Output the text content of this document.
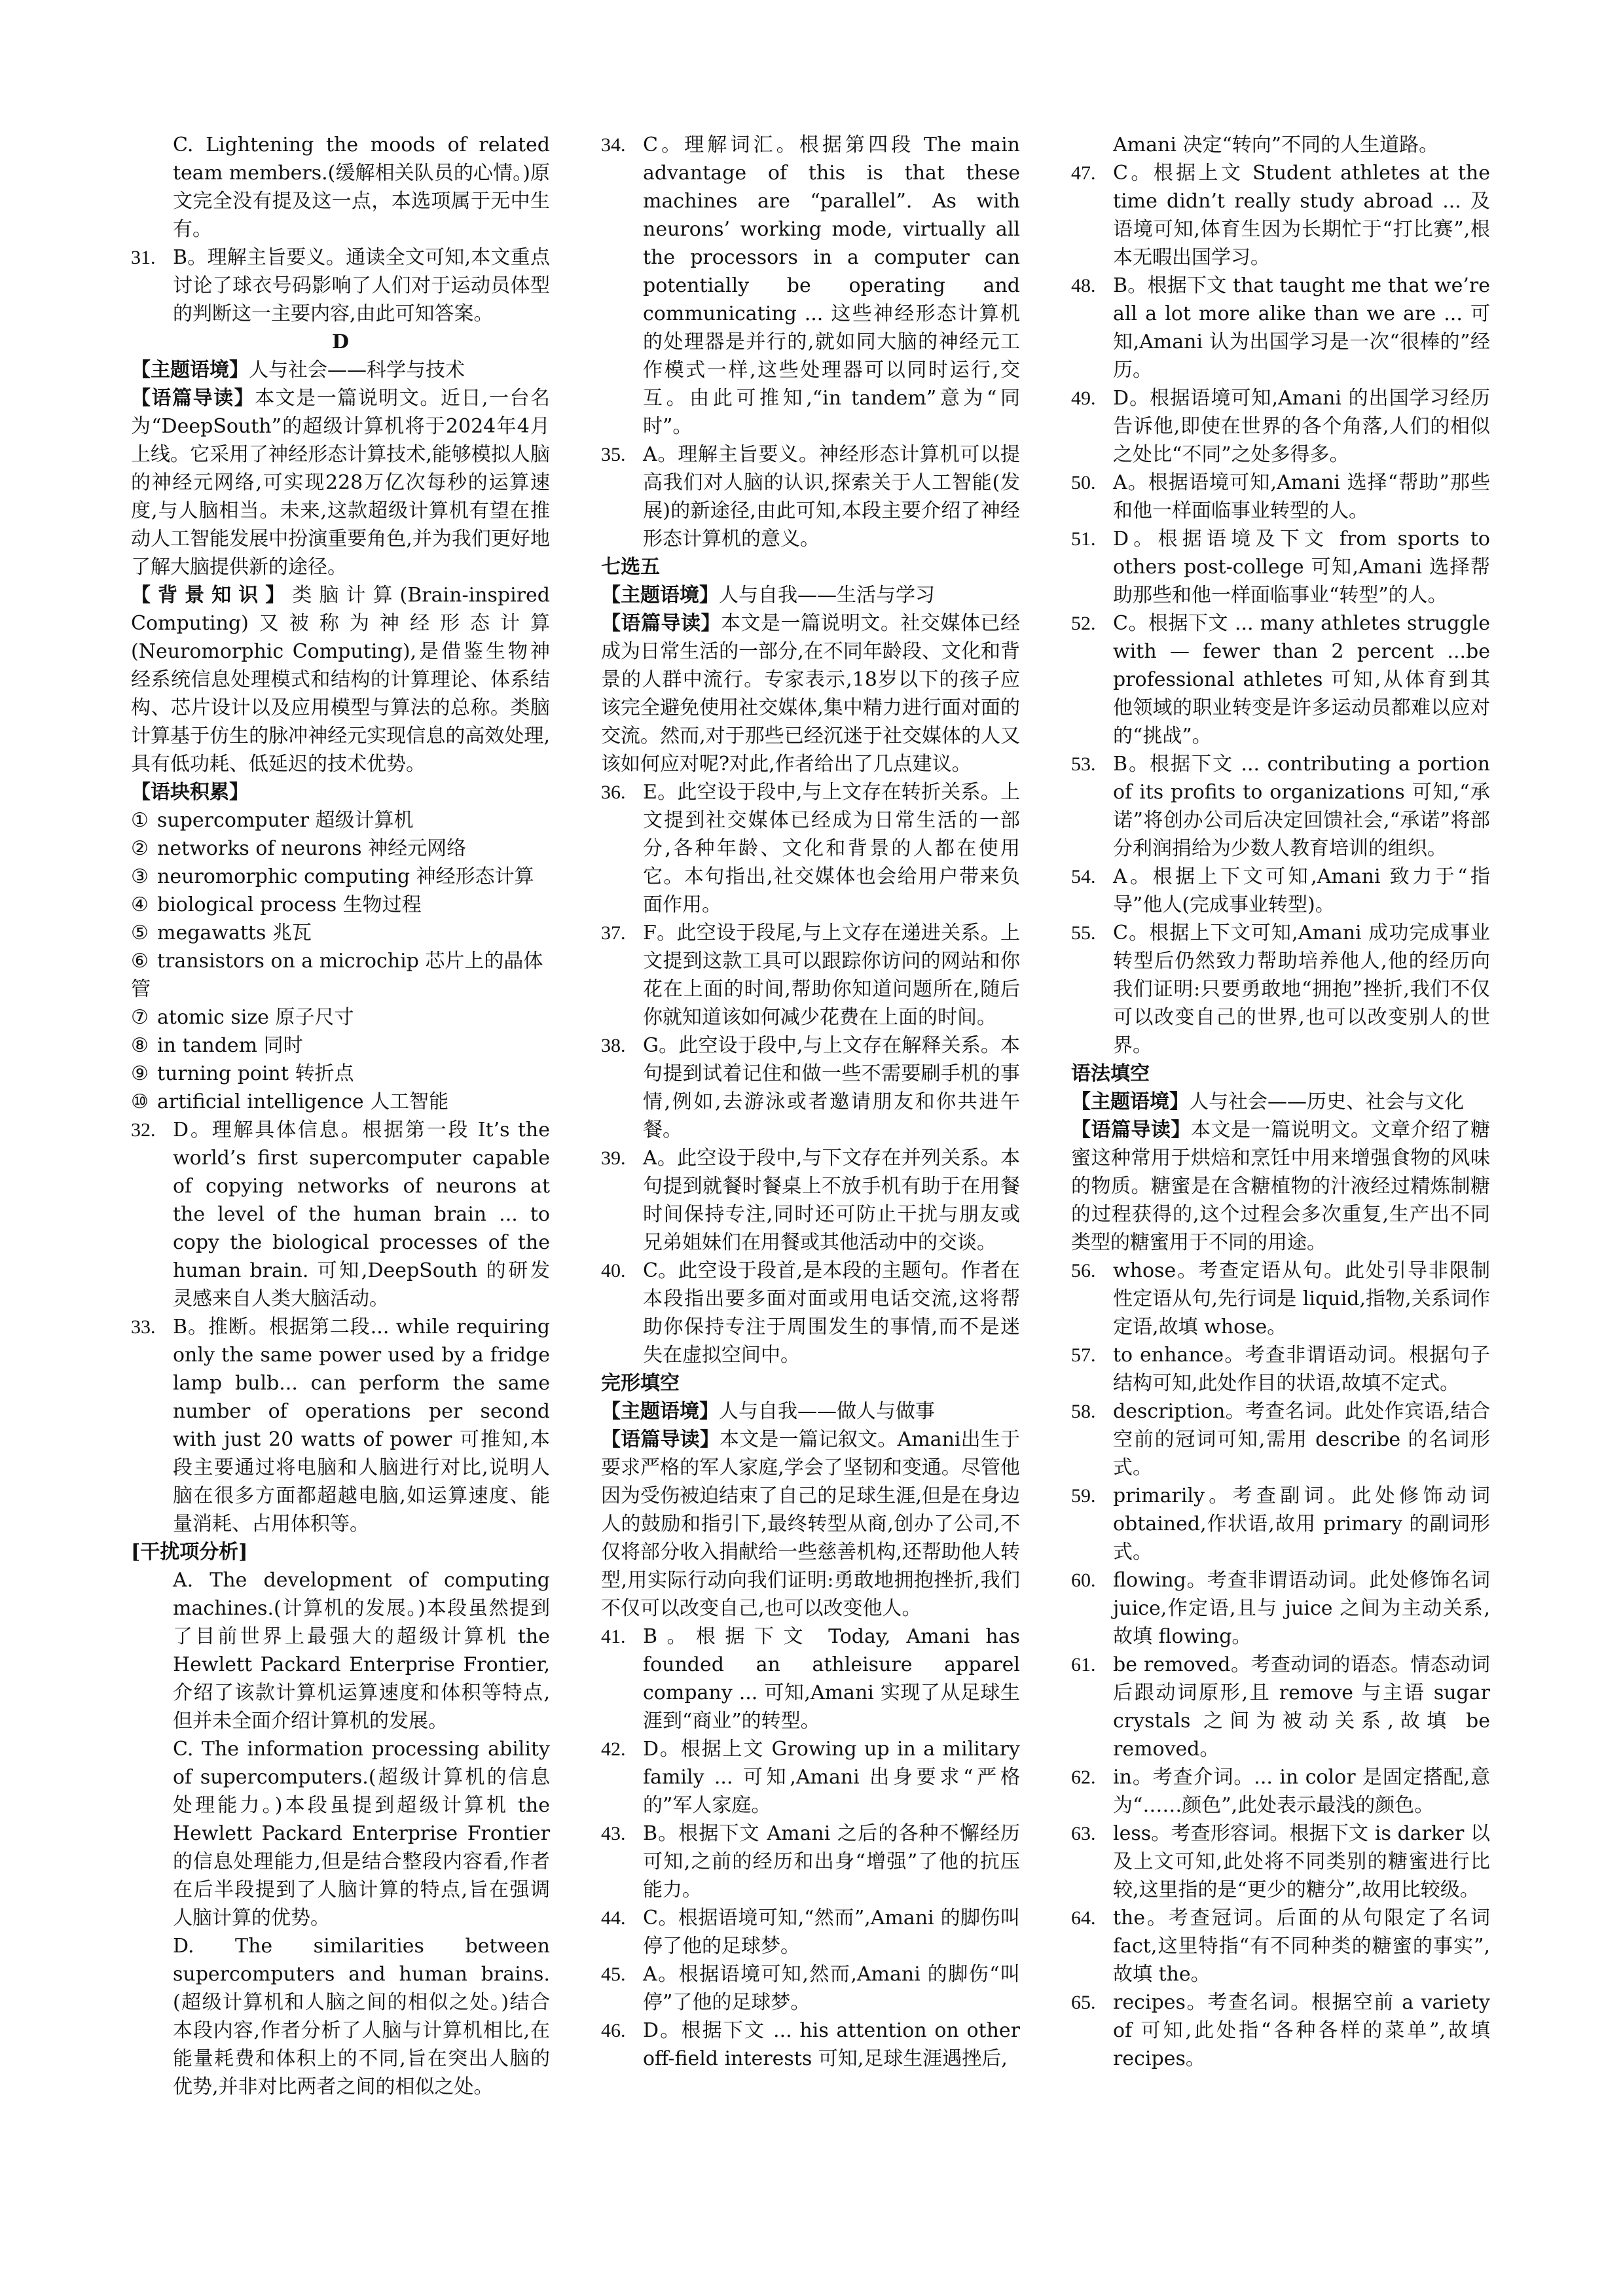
C. Lightening the moods of related team members.(缓解相关队员的心情。)原文完全没有提及这一点，本选项属于无中生有。

31. B。理解主旨要义。通读全文可知,本文重点讨论了球衣号码影响了人们对于运动员体型的判断这一主要内容,由此可知答案。

D

【主题语境】人与社会——科学与技术

【语篇导读】本文是一篇说明文。近日,一台名为“DeepSouth”的超级计算机将于2024年4月上线。它采用了神经形态计算技术,能够模拟人脑的神经元网络,可实现228万亿次每秒的运算速度,与人脑相当。未来,这款超级计算机有望在推动人工智能发展中扮演重要角色,并为我们更好地了解大脑提供新的途径。

【背景知识】类脑计算(Brain-inspired Computing)又被称为神经形态计算(Neuromorphic Computing),是借鉴生物神经系统信息处理模式和结构的计算理论、体系结构、芯片设计以及应用模型与算法的总称。类脑计算基于仿生的脉冲神经元实现信息的高效处理,具有低功耗、低延迟的技术优势。

【语块积累】

① supercomputer 超级计算机

② networks of neurons 神经元网络

③ neuromorphic computing 神经形态计算

④ biological process 生物过程

⑤ megawatts 兆瓦

⑥ transistors on a microchip 芯片上的晶体管

⑦ atomic size 原子尺寸

⑧ in tandem 同时

⑨ turning point 转折点

⑩ artificial intelligence 人工智能

32. D。理解具体信息。根据第一段 It’s the world’s first supercomputer capable of copying networks of neurons at the level of the human brain ... to copy the biological processes of the human brain. 可知,DeepSouth 的研发灵感来自人类大脑活动。
33. B。推断。根据第二段... while requiring only the same power used by a fridge lamp bulb... can perform the same number of operations per second with just 20 watts of power 可推知,本段主要通过将电脑和人脑进行对比,说明人脑在很多方面都超越电脑,如运算速度、能量消耗、占用体积等。

[干扰项分析]

A. The development of computing machines.(计算机的发展。)本段虽然提到了目前世界上最强大的超级计算机 the Hewlett Packard Enterprise Frontier,介绍了该款计算机运算速度和体积等特点,但并未全面介绍计算机的发展。

C. The information processing ability of supercomputers.(超级计算机的信息处理能力。)本段虽提到超级计算机 the Hewlett Packard Enterprise Frontier 的信息处理能力,但是结合整段内容看,作者在后半段提到了人脑计算的特点,旨在强调人脑计算的优势。

D. The similarities between supercomputers and human brains.(超级计算机和人脑之间的相似之处。)结合本段内容,作者分析了人脑与计算机相比,在能量耗费和体积上的不同,旨在突出人脑的优势,并非对比两者之间的相似之处。

34. C。理解词汇。根据第四段 The main advantage of this is that these machines are “parallel”. As with neurons’ working mode, virtually all the processors in a computer can potentially be operating and communicating ... 这些神经形态计算机的处理器是并行的,就如同大脑的神经元工作模式一样,这些处理器可以同时运行,交互。由此可推知,“in tandem”意为“同时”。
35. A。理解主旨要义。神经形态计算机可以提高我们对人脑的认识,探索关于人工智能(发展)的新途径,由此可知,本段主要介绍了神经形态计算机的意义。

七选五

【主题语境】人与自我——生活与学习

【语篇导读】本文是一篇说明文。社交媒体已经成为日常生活的一部分,在不同年龄段、文化和背景的人群中流行。专家表示,18岁以下的孩子应该完全避免使用社交媒体,集中精力进行面对面的交流。然而,对于那些已经沉迷于社交媒体的人又该如何应对呢?对此,作者给出了几点建议。

36. E。此空设于段中,与上文存在转折关系。上文提到社交媒体已经成为日常生活的一部分,各种年龄、文化和背景的人都在使用它。本句指出,社交媒体也会给用户带来负面作用。
37. F。此空设于段尾,与上文存在递进关系。上文提到这款工具可以跟踪你访问的网站和你花在上面的时间,帮助你知道问题所在,随后你就知道该如何减少花费在上面的时间。
38. G。此空设于段中,与上文存在解释关系。本句提到试着记住和做一些不需要刷手机的事情,例如,去游泳或者邀请朋友和你共进午餐。
39. A。此空设于段中,与下文存在并列关系。本句提到就餐时餐桌上不放手机有助于在用餐时间保持专注,同时还可防止干扰与朋友或兄弟姐妹们在用餐或其他活动中的交谈。
40. C。此空设于段首,是本段的主题句。作者在本段指出要多面对面或用电话交流,这将帮助你保持专注于周围发生的事情,而不是迷失在虚拟空间中。

完形填空

【主题语境】人与自我——做人与做事

【语篇导读】本文是一篇记叙文。Amani出生于要求严格的军人家庭,学会了坚韧和变通。尽管他因为受伤被迫结束了自己的足球生涯,但是在身边人的鼓励和指引下,最终转型从商,创办了公司,不仅将部分收入捐献给一些慈善机构,还帮助他人转型,用实际行动向我们证明:勇敢地拥抱挫折,我们不仅可以改变自己,也可以改变他人。

41. B。根据下文 Today, Amani has founded an athleisure apparel company ... 可知,Amani 实现了从足球生涯到“商业”的转型。
42. D。根据上文 Growing up in a military family ... 可知,Amani 出身要求“严格的”军人家庭。
43. B。根据下文 Amani 之后的各种不懈经历可知,之前的经历和出身“增强”了他的抗压能力。
44. C。根据语境可知,“然而”,Amani 的脚伤叫停了他的足球梦。
45. A。根据语境可知,然而,Amani 的脚伤“叫停”了他的足球梦。
46. D。根据下文 ... his attention on other off-field interests 可知,足球生涯遇挫后,

Amani 决定“转向”不同的人生道路。

47. C。根据上文 Student athletes at the time didn’t really study abroad ... 及语境可知,体育生因为长期忙于“打比赛”,根本无暇出国学习。
48. B。根据下文 that taught me that we’re all a lot more alike than we are ... 可知,Amani 认为出国学习是一次“很棒的”经历。
49. D。根据语境可知,Amani 的出国学习经历告诉他,即使在世界的各个角落,人们的相似之处比“不同”之处多得多。
50. A。根据语境可知,Amani 选择“帮助”那些和他一样面临事业转型的人。
51. D。根据语境及下文 from sports to others post-college 可知,Amani 选择帮助那些和他一样面临事业“转型”的人。
52. C。根据下文 ... many athletes struggle with — fewer than 2 percent ...be professional athletes 可知,从体育到其他领域的职业转变是许多运动员都难以应对的“挑战”。
53. B。根据下文 ... contributing a portion of its profits to organizations 可知,“承诺”将创办公司后决定回馈社会,“承诺”将部分利润捐给为少数人教育培训的组织。
54. A。根据上下文可知,Amani 致力于“指导”他人(完成事业转型)。
55. C。根据上下文可知,Amani 成功完成事业转型后仍然致力帮助培养他人,他的经历向我们证明:只要勇敢地“拥抱”挫折,我们不仅可以改变自己的世界,也可以改变别人的世界。

语法填空

【主题语境】人与社会——历史、社会与文化

【语篇导读】本文是一篇说明文。文章介绍了糖蜜这种常用于烘焙和烹饪中用来增强食物的风味的物质。糖蜜是在含糖植物的汁液经过精炼制糖的过程获得的,这个过程会多次重复,生产出不同类型的糖蜜用于不同的用途。

56. whose。考查定语从句。此处引导非限制性定语从句,先行词是 liquid,指物,关系词作定语,故填 whose。
57. to enhance。考查非谓语动词。根据句子结构可知,此处作目的状语,故填不定式。
58. description。考查名词。此处作宾语,结合空前的冠词可知,需用 describe 的名词形式。
59. primarily。考查副词。此处修饰动词 obtained,作状语,故用 primary 的副词形式。
60. flowing。考查非谓语动词。此处修饰名词 juice,作定语,且与 juice 之间为主动关系,故填 flowing。
61. be removed。考查动词的语态。情态动词后跟动词原形,且 remove 与主语 sugar crystals 之间为被动关系,故填 be removed。
62. in。考查介词。... in color 是固定搭配,意为“……颜色”,此处表示最浅的颜色。
63. less。考查形容词。根据下文 is darker 以及上文可知,此处将不同类别的糖蜜进行比较,这里指的是“更少的糖分”,故用比较级。
64. the。考查冠词。后面的从句限定了名词 fact,这里特指“有不同种类的糖蜜的事实”,故填 the。
65. recipes。考查名词。根据空前 a variety of 可知,此处指“各种各样的菜单”,故填 recipes。
